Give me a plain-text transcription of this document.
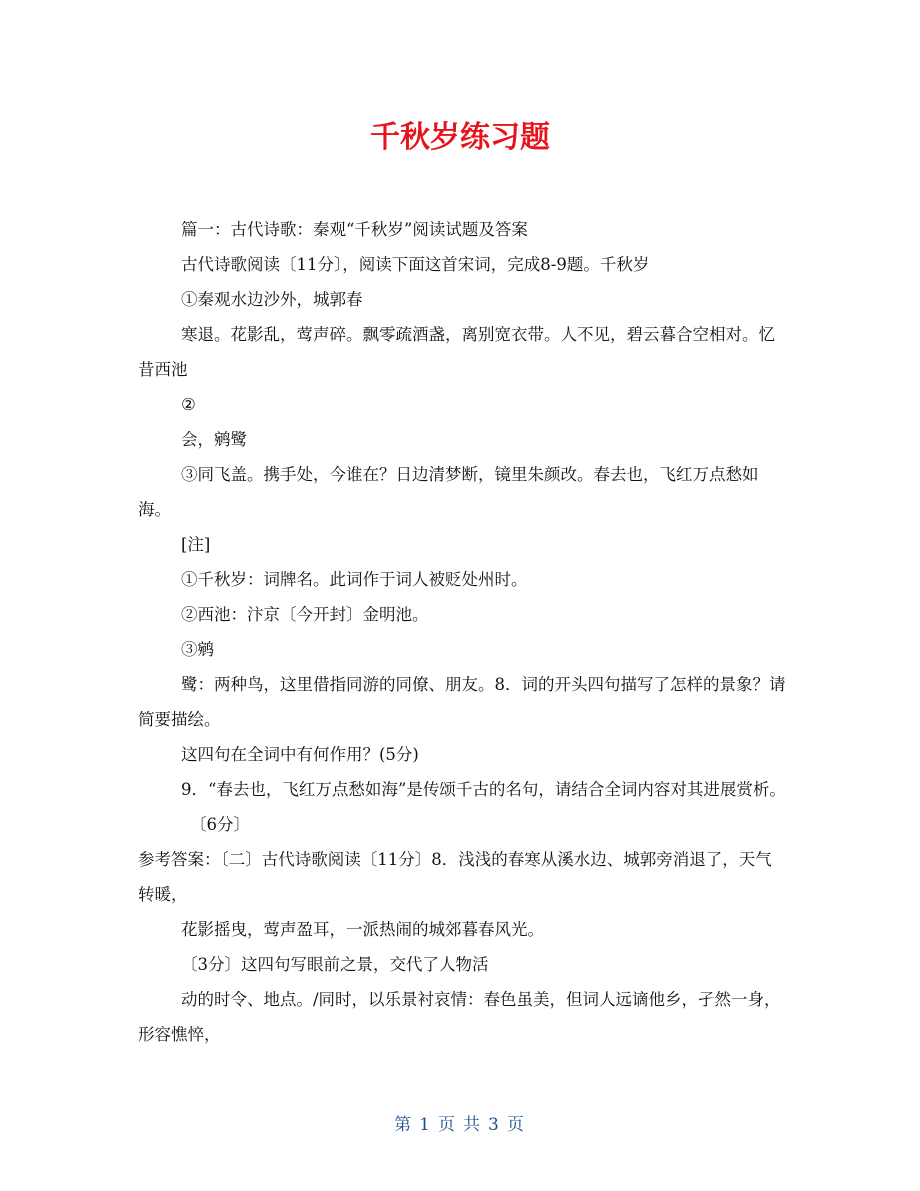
千秋岁练习题

篇一：古代诗歌：秦观“千秋岁”阅读试题及答案

古代诗歌阅读〔11分〕，阅读下面这首宋词，完成8-9题。千秋岁

①秦观水边沙外，城郭春

寒退。花影乱，莺声碎。飘零疏酒盏，离别宽衣带。人不见，碧云暮合空相对。忆昔西池

②

会，鹓鹭

③同飞盖。携手处，今谁在？日边清梦断，镜里朱颜改。春去也，飞红万点愁如海。

[注]

①千秋岁：词牌名。此词作于词人被贬处州时。

②西池：汴京〔今开封〕金明池。

③鹓

鹭：两种鸟，这里借指同游的同僚、朋友。8．词的开头四句描写了怎样的景象？请简要描绘。

这四句在全词中有何作用？(5分)

9．“春去也，飞红万点愁如海”是传颂千古的名句，请结合全词内容对其进展赏析。

〔6分〕

参考答案：〔二〕古代诗歌阅读〔11分〕8．浅浅的春寒从溪水边、城郭旁消退了，天气转暖，

花影摇曳，莺声盈耳，一派热闹的城郊暮春风光。

〔3分〕这四句写眼前之景，交代了人物活

动的时令、地点。/同时，以乐景衬哀情：春色虽美，但词人远谪他乡，孑然一身，形容憔悴，

第 1 页 共 3 页
